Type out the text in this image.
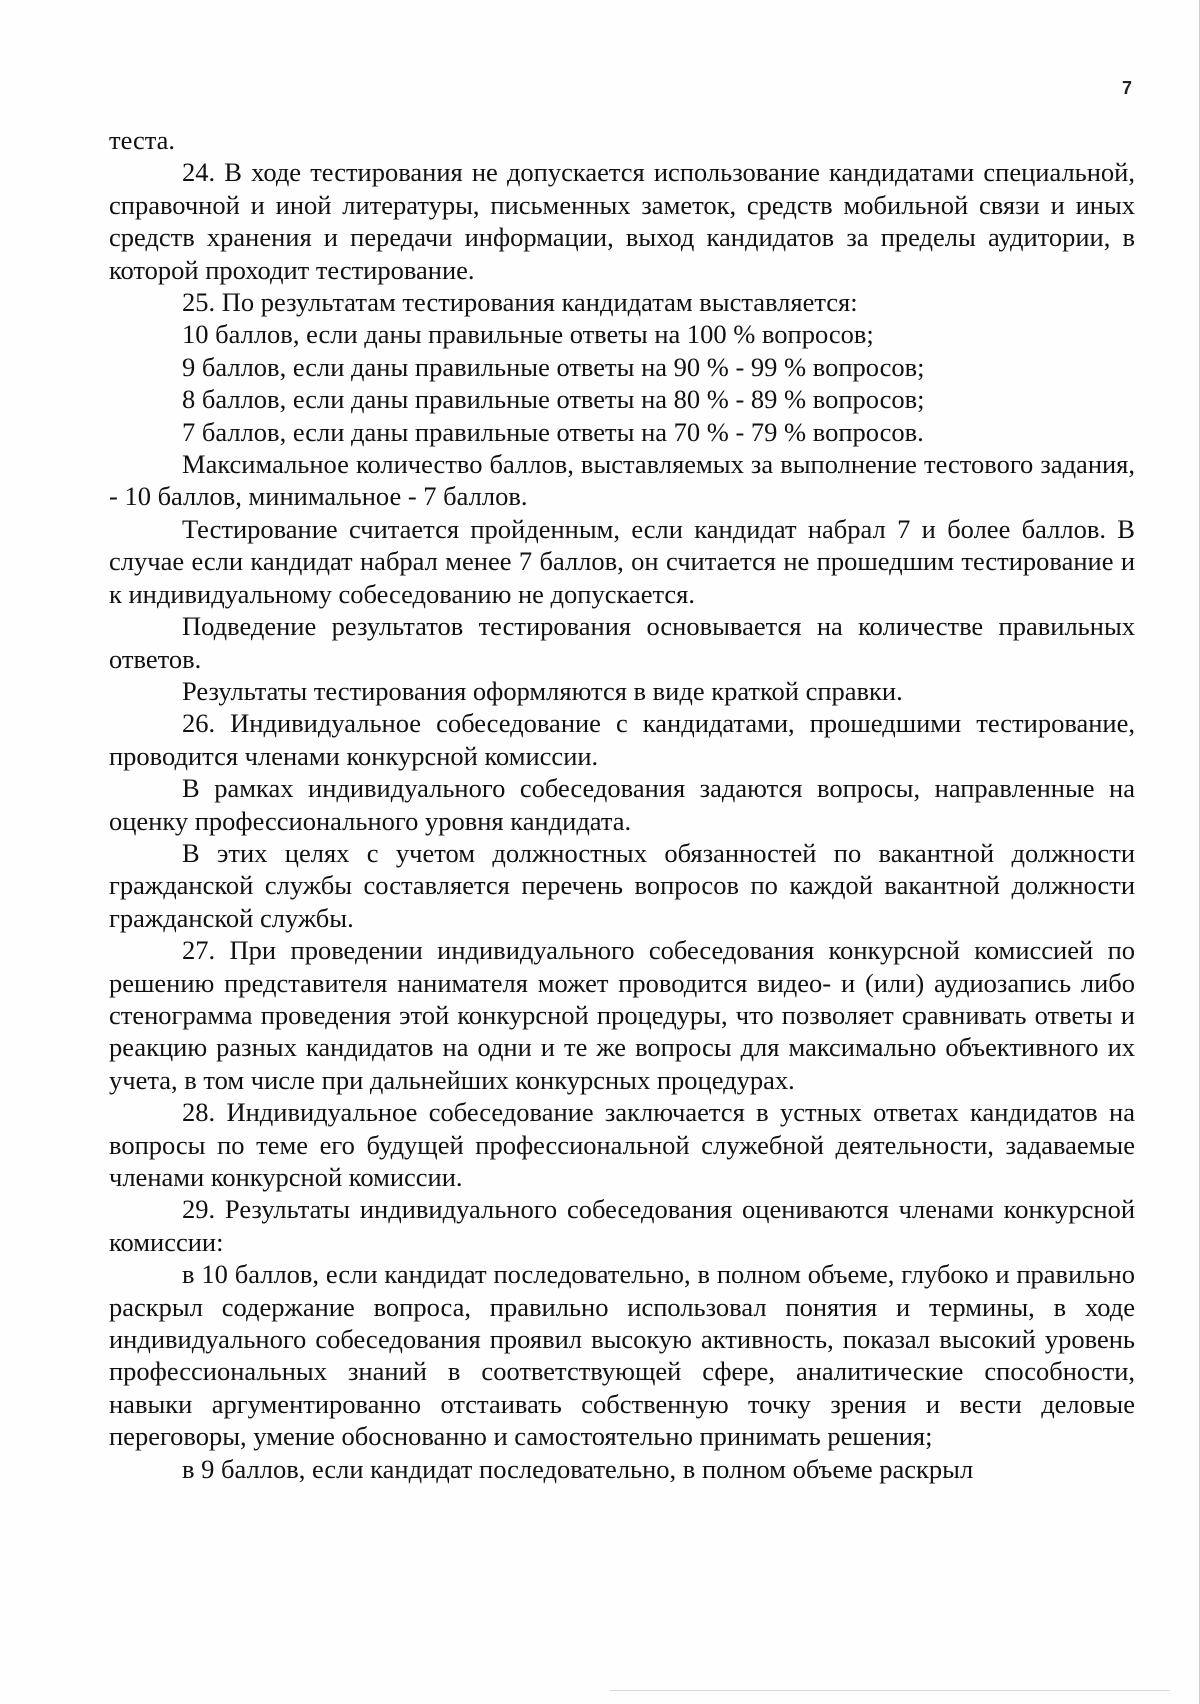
7

теста.

24. В ходе тестирования не допускается использование кандидатами специальной, справочной и иной литературы, письменных заметок, средств мобильной связи и иных средств хранения и передачи информации, выход кандидатов за пределы аудитории, в которой проходит тестирование.

25. По результатам тестирования кандидатам выставляется:

10 баллов, если даны правильные ответы на 100 % вопросов;

9 баллов, если даны правильные ответы на 90 % - 99 % вопросов;

8 баллов, если даны правильные ответы на 80 % - 89 % вопросов;

7 баллов, если даны правильные ответы на 70 % - 79 % вопросов.

Максимальное количество баллов, выставляемых за выполнение тестового задания, - 10 баллов, минимальное - 7 баллов.

Тестирование считается пройденным, если кандидат набрал 7 и более баллов. В случае если кандидат набрал менее 7 баллов, он считается не прошедшим тестирование и к индивидуальному собеседованию не допускается.

Подведение результатов тестирования основывается на количестве правильных ответов.

Результаты тестирования оформляются в виде краткой справки.

26. Индивидуальное собеседование с кандидатами, прошедшими тестирование, проводится членами конкурсной комиссии.

В рамках индивидуального собеседования задаются вопросы, направленные на оценку профессионального уровня кандидата.

В этих целях с учетом должностных обязанностей по вакантной должности гражданской службы составляется перечень вопросов по каждой вакантной должности гражданской службы.

27. При проведении индивидуального собеседования конкурсной комиссией по решению представителя нанимателя может проводится видео- и (или) аудиозапись либо стенограмма проведения этой конкурсной процедуры, что позволяет сравнивать ответы и реакцию разных кандидатов на одни и те же вопросы для максимально объективного их учета, в том числе при дальнейших конкурсных процедурах.

28. Индивидуальное собеседование заключается в устных ответах кандидатов на вопросы по теме его будущей профессиональной служебной деятельности, задаваемые членами конкурсной комиссии.

29. Результаты индивидуального собеседования оцениваются членами конкурсной комиссии:

в 10 баллов, если кандидат последовательно, в полном объеме, глубоко и правильно раскрыл содержание вопроса, правильно использовал понятия и термины, в ходе индивидуального собеседования проявил высокую активность, показал высокий уровень профессиональных знаний в соответствующей сфере, аналитические способности, навыки аргументированно отстаивать собственную точку зрения и вести деловые переговоры, умение обоснованно и самостоятельно принимать решения;

в 9 баллов, если кандидат последовательно, в полном объеме раскрыл
